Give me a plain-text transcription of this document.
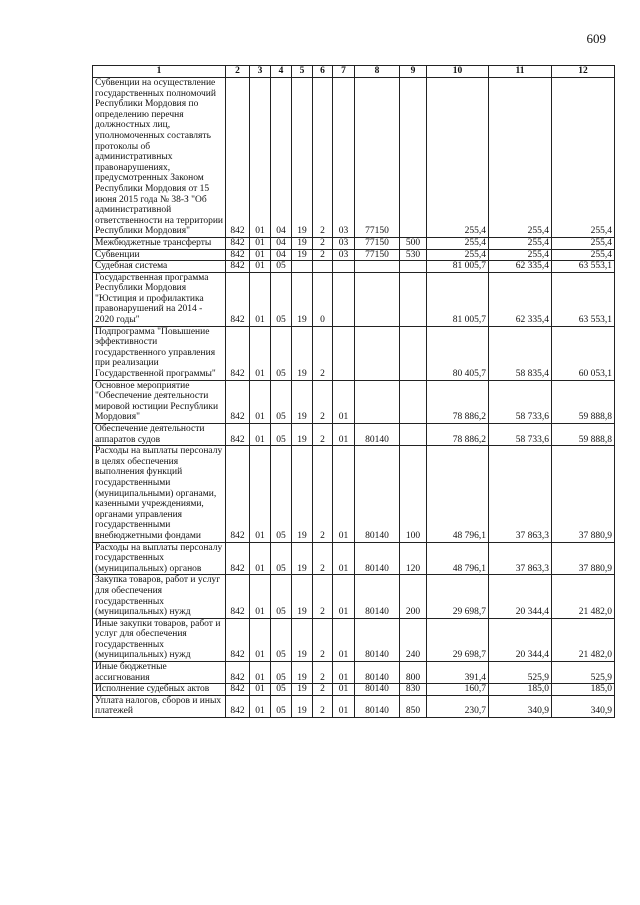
609
1	2	3	4	5	6	7	8	9	10	11	12
Субвенции на осуществление государственных полномочий Республики Мордовия по определению перечня должностных лиц, уполномоченных составлять протоколы об административных правонарушениях, предусмотренных Законом Республики Мордовия от 15 июня 2015 года № 38-З "Об административной ответственности на территории Республики Мордовия"	842	01	04	19	2	03	77150		255,4	255,4	255,4
Межбюджетные трансферты	842	01	04	19	2	03	77150	500	255,4	255,4	255,4
Субвенции	842	01	04	19	2	03	77150	530	255,4	255,4	255,4
Судебная система	842	01	05						81 005,7	62 335,4	63 553,1
Государственная программа Республики Мордовия "Юстиция и профилактика правонарушений на 2014 - 2020 годы"	842	01	05	19	0				81 005,7	62 335,4	63 553,1
Подпрограмма "Повышение эффективности государственного управления при реализации Государственной программы"	842	01	05	19	2				80 405,7	58 835,4	60 053,1
Основное мероприятие "Обеспечение деятельности мировой юстиции Республики Мордовия"	842	01	05	19	2	01			78 886,2	58 733,6	59 888,8
Обеспечение деятельности аппаратов судов	842	01	05	19	2	01	80140		78 886,2	58 733,6	59 888,8
Расходы на выплаты персоналу в целях обеспечения выполнения функций государственными (муниципальными) органами, казенными учреждениями, органами управления государственными внебюджетными фондами	842	01	05	19	2	01	80140	100	48 796,1	37 863,3	37 880,9
Расходы на выплаты персоналу государственных (муниципальных) органов	842	01	05	19	2	01	80140	120	48 796,1	37 863,3	37 880,9
Закупка товаров, работ и услуг для обеспечения государственных (муниципальных) нужд	842	01	05	19	2	01	80140	200	29 698,7	20 344,4	21 482,0
Иные закупки товаров, работ и услуг для обеспечения государственных (муниципальных) нужд	842	01	05	19	2	01	80140	240	29 698,7	20 344,4	21 482,0
Иные бюджетные ассигнования	842	01	05	19	2	01	80140	800	391,4	525,9	525,9
Исполнение судебных актов	842	01	05	19	2	01	80140	830	160,7	185,0	185,0
Уплата налогов, сборов и иных платежей	842	01	05	19	2	01	80140	850	230,7	340,9	340,9
